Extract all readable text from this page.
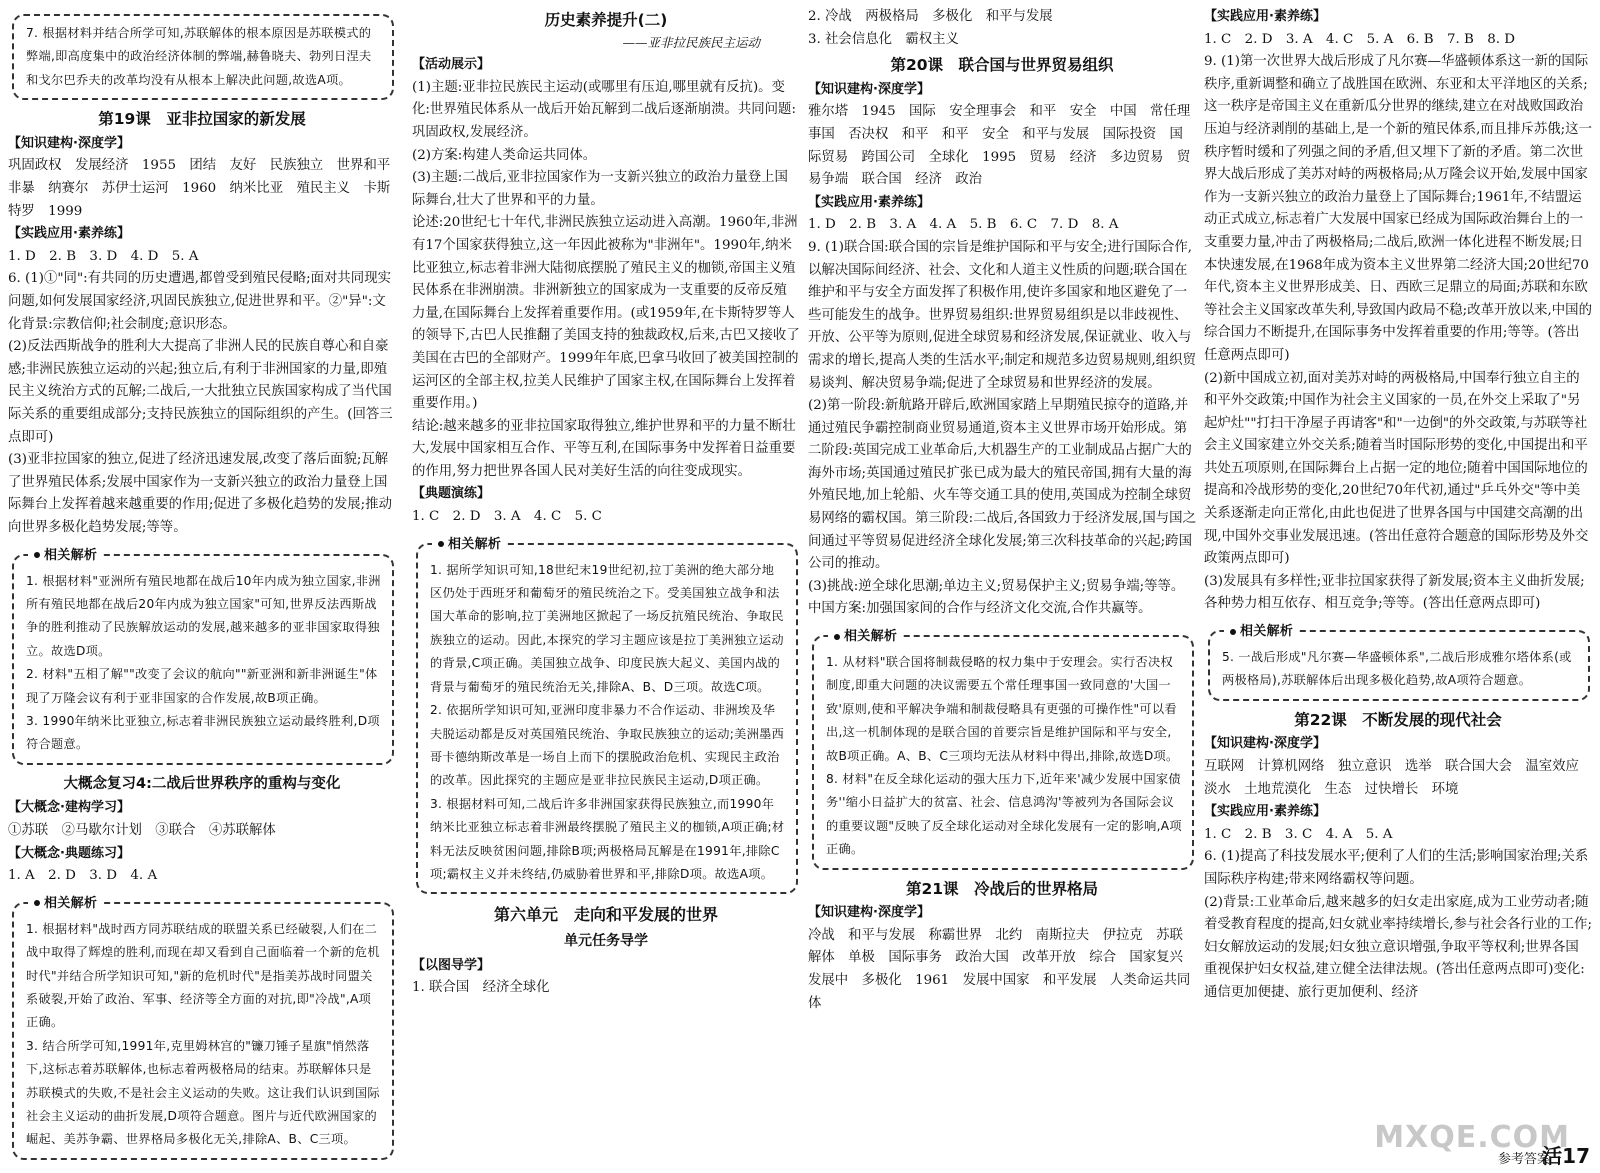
7. 根据材料并结合所学可知,苏联解体的根本原因是苏联模式的弊端,即高度集中的政治经济体制的弊端,赫鲁晓夫、勃列日涅夫和戈尔巴乔夫的改革均没有从根本上解决此问题,故选A项。

第19课　亚非拉国家的新发展
【知识建构·深度学】

巩固政权　发展经济　1955　团结　友好　民族独立　世界和平　非暴　纳赛尔　苏伊士运河　1960　纳米比亚　殖民主义　卡斯特罗　1999

【实践应用·素养练】

1. D　2. B　3. D　4. D　5. A

6. (1)①"同":有共同的历史遭遇,都曾受到殖民侵略;面对共同现实问题,如何发展国家经济,巩固民族独立,促进世界和平。②"异":文化背景:宗教信仰;社会制度;意识形态。

(2)反法西斯战争的胜利大大提高了非洲人民的民族自尊心和自豪感;非洲民族独立运动的兴起;独立后,有利于非洲国家的力量,即殖民主义统治方式的瓦解;二战后,一大批独立民族国家构成了当代国际关系的重要组成部分;支持民族独立的国际组织的产生。(回答三点即可)

(3)亚非拉国家的独立,促进了经济迅速发展,改变了落后面貌;瓦解了世界殖民体系;发展中国家作为一支新兴独立的政治力量登上国际舞台上发挥着越来越重要的作用;促进了多极化趋势的发展;推动向世界多极化趋势发展;等等。

相关解析

1. 根据材料"亚洲所有殖民地都在战后10年内成为独立国家,非洲所有殖民地都在战后20年内成为独立国家"可知,世界反法西斯战争的胜利推动了民族解放运动的发展,越来越多的亚非国家取得独立。故选D项。

2. 材料"五相了解""改变了会议的航向""新亚洲和新非洲诞生"体现了万隆会议有利于亚非国家的合作发展,故B项正确。

3. 1990年纳米比亚独立,标志着非洲民族独立运动最终胜利,D项符合题意。

大概念复习4:二战后世界秩序的重构与变化
【大概念·建构学习】

①苏联　②马歇尔计划　③联合　④苏联解体

【大概念·典题练习】

1. A　2. D　3. D　4. A

相关解析

1. 根据材料"战时西方同苏联结成的联盟关系已经破裂,人们在二战中取得了辉煌的胜利,而现在却又看到自己面临着一个新的危机时代"并结合所学知识可知,"新的危机时代"是指美苏战时同盟关系破裂,开始了政治、军事、经济等全方面的对抗,即"冷战",A项正确。

3. 结合所学可知,1991年,克里姆林宫的"镰刀锤子星旗"悄然落下,这标志着苏联解体,也标志着两极格局的结束。苏联解体只是苏联模式的失败,不是社会主义运动的失败。这让我们认识到国际社会主义运动的曲折发展,D项符合题意。图片与近代欧洲国家的崛起、美苏争霸、世界格局多极化无关,排除A、B、C三项。

历史素养提升(二)
——亚非拉民族民主运动
【活动展示】

(1)主题:亚非拉民族民主运动(或哪里有压迫,哪里就有反抗)。变化:世界殖民体系从一战后开始瓦解到二战后逐渐崩溃。共同问题:巩固政权,发展经济。

(2)方案:构建人类命运共同体。

(3)主题:二战后,亚非拉国家作为一支新兴独立的政治力量登上国际舞台,壮大了世界和平的力量。

论述:20世纪七十年代,非洲民族独立运动进入高潮。1960年,非洲有17个国家获得独立,这一年因此被称为"非洲年"。1990年,纳米比亚独立,标志着非洲大陆彻底摆脱了殖民主义的枷锁,帝国主义殖民体系在非洲崩溃。非洲新独立的国家成为一支重要的反帝反殖力量,在国际舞台上发挥着重要作用。(或1959年,在卡斯特罗等人的领导下,古巴人民推翻了美国支持的独裁政权,后来,古巴又接收了美国在古巴的全部财产。1999年年底,巴拿马收回了被美国控制的运河区的全部主权,拉美人民维护了国家主权,在国际舞台上发挥着重要作用。)

结论:越来越多的亚非拉国家取得独立,维护世界和平的力量不断壮大,发展中国家相互合作、平等互利,在国际事务中发挥着日益重要的作用,努力把世界各国人民对美好生活的向往变成现实。

【典题演练】

1. C　2. D　3. A　4. C　5. C

相关解析

1. 据所学知识可知,18世纪末19世纪初,拉丁美洲的绝大部分地区仍处于西班牙和葡萄牙的殖民统治之下。受美国独立战争和法国大革命的影响,拉丁美洲地区掀起了一场反抗殖民统治、争取民族独立的运动。因此,本探究的学习主题应该是拉丁美洲独立运动的背景,C项正确。美国独立战争、印度民族大起义、美国内战的背景与葡萄牙的殖民统治无关,排除A、B、D三项。故选C项。

2. 依据所学知识可知,亚洲印度非暴力不合作运动、非洲埃及华夫脱运动都是反对英国殖民统治、争取民族独立的运动;美洲墨西哥卡德纳斯改革是一场自上而下的摆脱政治危机、实现民主政治的改革。因此探究的主题应是亚非拉民族民主运动,D项正确。

3. 根据材料可知,二战后许多非洲国家获得民族独立,而1990年纳米比亚独立标志着非洲最终摆脱了殖民主义的枷锁,A项正确;材料无法反映贫困问题,排除B项;两极格局瓦解是在1991年,排除C项;霸权主义并未终结,仍威胁着世界和平,排除D项。故选A项。

第六单元　走向和平发展的世界
单元任务导学
【以图导学】

1. 联合国　经济全球化

2. 冷战　两极格局　多极化　和平与发展

3. 社会信息化　霸权主义

第20课　联合国与世界贸易组织
【知识建构·深度学】

雅尔塔　1945　国际　安全理事会　和平　安全　中国　常任理事国　否决权　和平　和平　安全　和平与发展　国际投资　国际贸易　跨国公司　全球化　1995　贸易　经济　多边贸易　贸易争端　联合国　经济　政治

【实践应用·素养练】

1. D　2. B　3. A　4. A　5. B　6. C　7. D　8. A

9. (1)联合国:联合国的宗旨是维护国际和平与安全;进行国际合作,以解决国际间经济、社会、文化和人道主义性质的问题;联合国在维护和平与安全方面发挥了积极作用,使许多国家和地区避免了一些可能发生的战争。世界贸易组织:世界贸易组织是以非歧视性、开放、公平等为原则,促进全球贸易和经济发展,保证就业、收入与需求的增长,提高人类的生活水平;制定和规范多边贸易规则,组织贸易谈判、解决贸易争端;促进了全球贸易和世界经济的发展。

(2)第一阶段:新航路开辟后,欧洲国家踏上早期殖民掠夺的道路,并通过殖民争霸控制商业贸易通道,资本主义世界市场开始形成。第二阶段:英国完成工业革命后,大机器生产的工业制成品占据广大的海外市场;英国通过殖民扩张已成为最大的殖民帝国,拥有大量的海外殖民地,加上轮船、火车等交通工具的使用,英国成为控制全球贸易网络的霸权国。第三阶段:二战后,各国致力于经济发展,国与国之间通过平等贸易促进经济全球化发展;第三次科技革命的兴起;跨国公司的推动。

(3)挑战:逆全球化思潮;单边主义;贸易保护主义;贸易争端;等等。中国方案:加强国家间的合作与经济文化交流,合作共赢等。

相关解析

1. 从材料"联合国将制裁侵略的权力集中于安理会。实行否决权制度,即重大问题的决议需要五个常任理事国一致同意的'大国一致'原则,使和平解决争端和制裁侵略具有更强的可操作性"可以看出,这一机制体现的是联合国的首要宗旨是维护国际和平与安全,故B项正确。A、B、C三项均无法从材料中得出,排除,故选D项。

8. 材料"在反全球化运动的强大压力下,近年来'减少发展中国家债务''缩小日益扩大的贫富、社会、信息鸿沟'等被列为各国际会议的重要议题"反映了反全球化运动对全球化发展有一定的影响,A项正确。

第21课　冷战后的世界格局
【知识建构·深度学】

冷战　和平与发展　称霸世界　北约　南斯拉夫　伊拉克　苏联解体　单极　国际事务　政治大国　改革开放　综合　国家复兴　发展中　多极化　1961　发展中国家　和平发展　人类命运共同体

【实践应用·素养练】

1. C　2. D　3. A　4. C　5. A　6. B　7. B　8. D

9. (1)第一次世界大战后形成了凡尔赛—华盛顿体系这一新的国际秩序,重新调整和确立了战胜国在欧洲、东亚和太平洋地区的关系;这一秩序是帝国主义在重新瓜分世界的继续,建立在对战败国政治压迫与经济剥削的基础上,是一个新的殖民体系,而且排斥苏俄;这一秩序暂时缓和了列强之间的矛盾,但又埋下了新的矛盾。第二次世界大战后形成了美苏对峙的两极格局;从万隆会议开始,发展中国家作为一支新兴独立的政治力量登上了国际舞台;1961年,不结盟运动正式成立,标志着广大发展中国家已经成为国际政治舞台上的一支重要力量,冲击了两极格局;二战后,欧洲一体化进程不断发展;日本快速发展,在1968年成为资本主义世界第二经济大国;20世纪70年代,资本主义世界形成美、日、西欧三足鼎立的局面;苏联和东欧等社会主义国家改革失利,导致国内政局不稳;改革开放以来,中国的综合国力不断提升,在国际事务中发挥着重要的作用;等等。(答出任意两点即可)

(2)新中国成立初,面对美苏对峙的两极格局,中国奉行独立自主的和平外交政策;中国作为社会主义国家的一员,在外交上采取了"另起炉灶""打扫干净屋子再请客"和"一边倒"的外交政策,与苏联等社会主义国家建立外交关系;随着当时国际形势的变化,中国提出和平共处五项原则,在国际舞台上占据一定的地位;随着中国国际地位的提高和冷战形势的变化,20世纪70年代初,通过"乒乓外交"等中美关系逐渐走向正常化,由此也促进了世界各国与中国建交高潮的出现,中国外交事业发展迅速。(答出任意符合题意的国际形势及外交政策两点即可)

(3)发展具有多样性;亚非拉国家获得了新发展;资本主义曲折发展;各种势力相互依存、相互竞争;等等。(答出任意两点即可)

相关解析

5. 一战后形成"凡尔赛—华盛顿体系",二战后形成雅尔塔体系(或两极格局),苏联解体后出现多极化趋势,故A项符合题意。

第22课　不断发展的现代社会
【知识建构·深度学】

互联网　计算机网络　独立意识　选举　联合国大会　温室效应　淡水　土地荒漠化　生态　过快增长　环境

【实践应用·素养练】

1. C　2. B　3. C　4. A　5. A

6. (1)提高了科技发展水平;便利了人们的生活;影响国家治理;关系国际秩序构建;带来网络霸权等问题。

(2)背景:工业革命后,越来越多的妇女走出家庭,成为工业劳动者;随着受教育程度的提高,妇女就业率持续增长,参与社会各行业的工作;妇女解放运动的发展;妇女独立意识增强,争取平等权利;世界各国重视保护妇女权益,建立健全法律法规。(答出任意两点即可)变化:通信更加便捷、旅行更加便利、经济

MXQE.COM
参考答案
活17
